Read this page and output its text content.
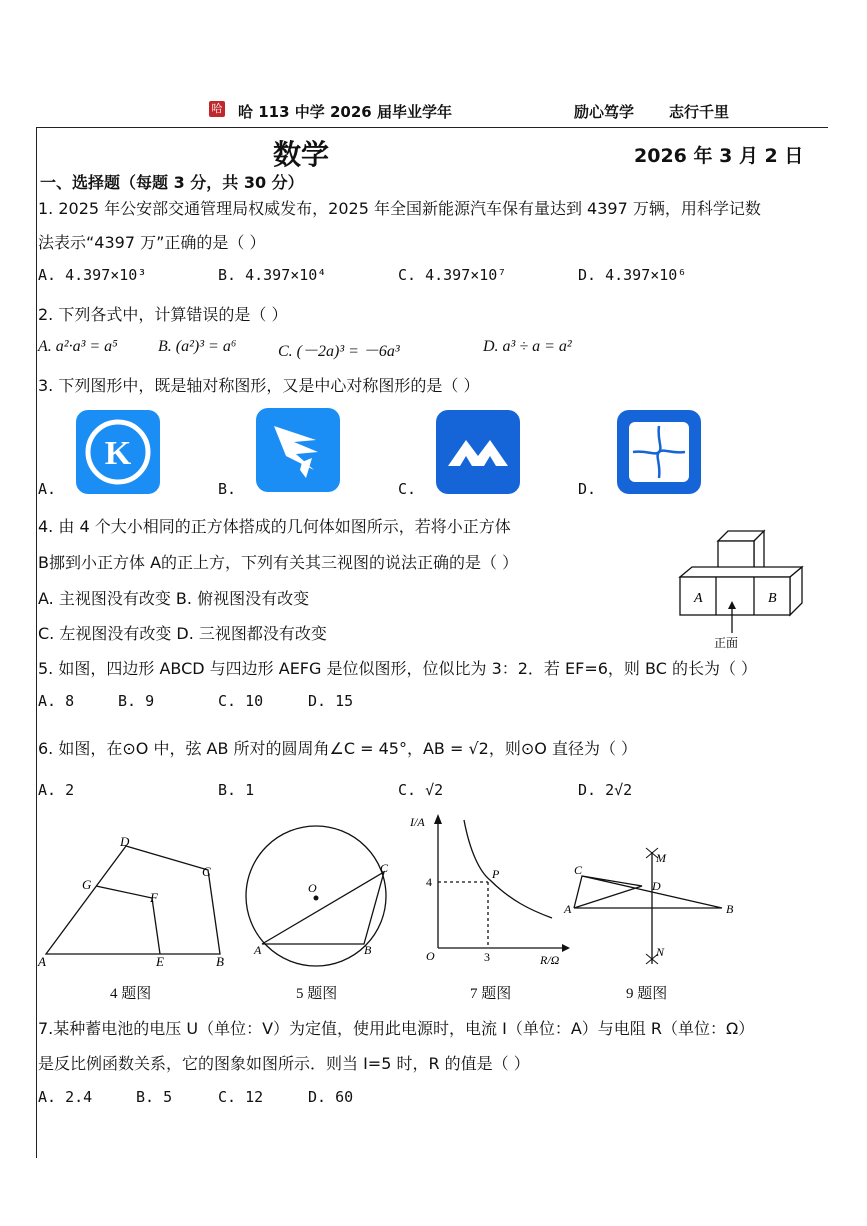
哈 哈 113 中学 2026 届毕业学年	励心笃学 志行千里
数学	2026 年 3 月 2 日
一、选择题（每题 3 分，共 30 分）
1. 2025 年公安部交通管理局权威发布，2025 年全国新能源汽车保有量达到 4397 万辆，用科学记数
法表示“4397 万”正确的是（ ）
A. 4.397×10³	B. 4.397×10⁴	C. 4.397×10⁷	D. 4.397×10⁶
2. 下列各式中，计算错误的是（ ）
A. a²·a³ = a⁵	B. (a²)³ = a⁶	C. (－2a)³ = －6a³	D. a³ ÷ a = a²
3. 下列图形中，既是轴对称图形，又是中心对称图形的是（ ）
K
A.	B.	C.	D.
4. 由 4 个大小相同的正方体搭成的几何体如图所示，若将小正方体
B挪到小正方体 A的正上方，下列有关其三视图的说法正确的是（ ）
A. 主视图没有改变 B. 俯视图没有改变
C. 左视图没有改变 D. 三视图都没有改变
A	B
正面
5. 如图，四边形 ABCD 与四边形 AEFG 是位似图形，位似比为 3：2．若 EF=6，则 BC 的长为（ ）
A. 8	B. 9	C. 10	D. 15
6. 如图，在⊙O 中，弦 AB 所对的圆周角∠C = 45°，AB = √2，则⊙O 直径为（ ）
A. 2	B. 1	C. √2	D. 2√2
D
C
G
F
A	E	B
4 题图
O
C
A	B
5 题图
I/A
4
P
O	3	R/Ω
7 题图
M
C
D
A	B
N
9 题图
7.某种蓄电池的电压 U（单位：V）为定值，使用此电源时，电流 I（单位：A）与电阻 R（单位：Ω）
是反比例函数关系，它的图象如图所示．则当 I=5 时，R 的值是（ ）
A. 2.4	B. 5	C. 12	D. 60
